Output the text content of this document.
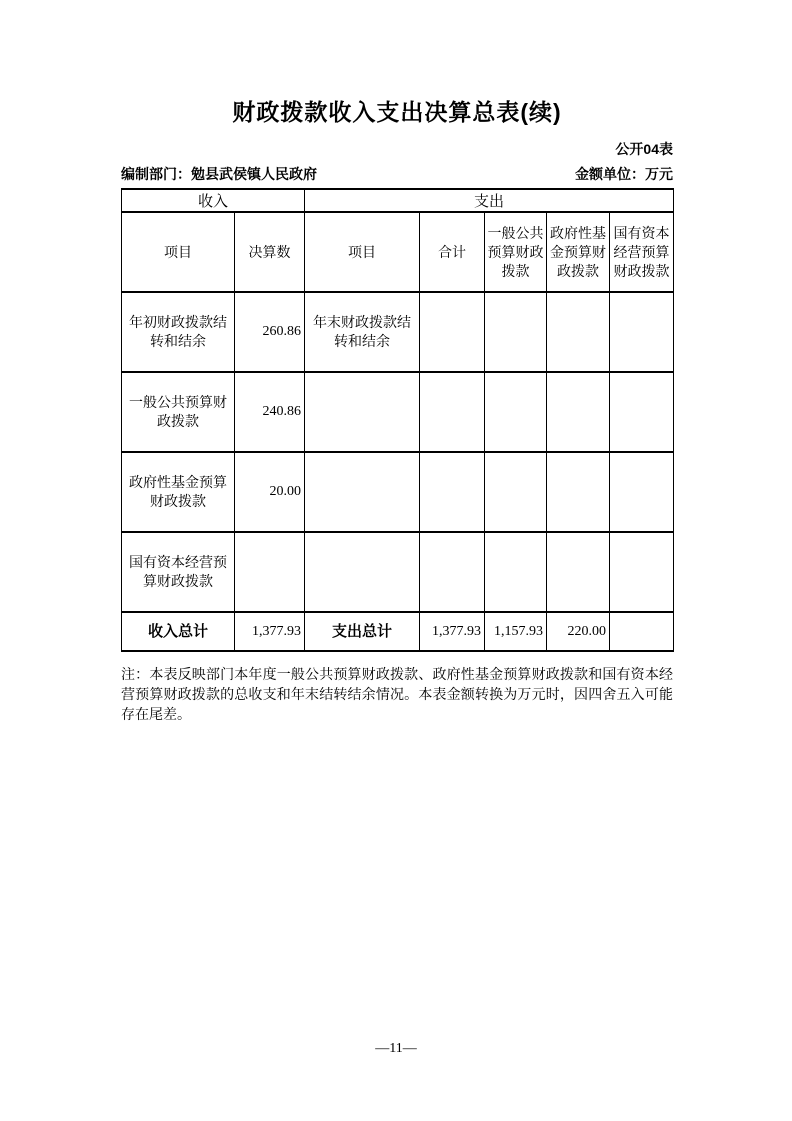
财政拨款收入支出决算总表(续)
公开04表
编制部门：勉县武侯镇人民政府	金额单位：万元
收入		支出				
项目	决算数	项目	合计	一般公共预算财政拨款	政府性基金预算财政拨款	国有资本经营预算财政拨款
年初财政拨款结转和结余	260.86	年末财政拨款结转和结余				
一般公共预算财政拨款	240.86					
政府性基金预算财政拨款	20.00					
国有资本经营预算财政拨款						
收入总计	1,377.93	支出总计	1,377.93	1,157.93	220.00	

注：本表反映部门本年度一般公共预算财政拨款、政府性基金预算财政拨款和国有资本经营预算财政拨款的总收支和年末结转结余情况。本表金额转换为万元时，因四舍五入可能存在尾差。

—11—
